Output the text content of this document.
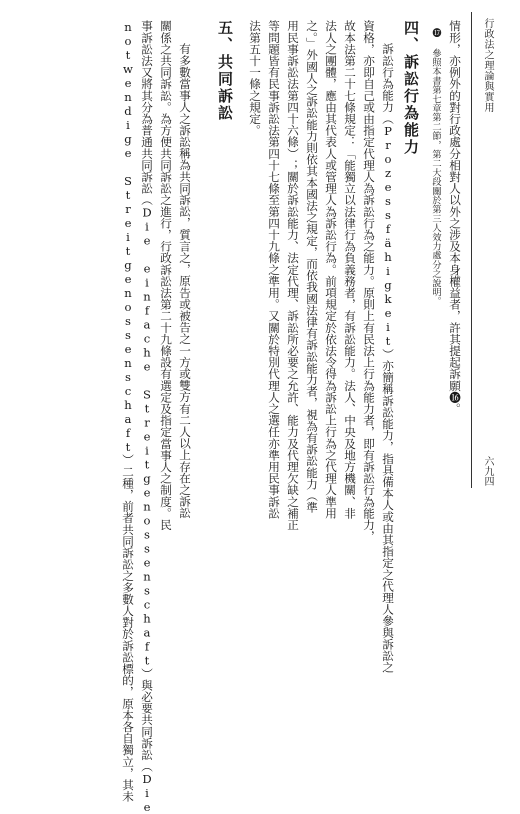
行政法之理論與實用
六九四
情形，亦例外的對行政處分相對人以外之涉及本身權益者，許其提起訴願⓰。
⓱ 參照本書第七章第二節，第二大段關於第三人效力處分之說明。
四、訴訟行為能力
訴訟行為能力（Prozessfähigkeit）亦簡稱訴訟能力，指具備本人或由其指定之代理人參與訴訟之
資格，亦即自己或由指定代理人為訴訟行為之能力。原則上有民法上行為能力者，即有訴訟行為能力，
故本法第二十七條規定：「能獨立以法律行為負義務者，有訴訟能力。法人、中央及地方機關、非
法人之團體，應由其代表人或管理人為訴訟行為。前項規定於依法令得為訴訟上行為之代理人準用
之。」外國人之訴訟能力則依其本國法之規定，而依我國法律有訴訟能力者，視為有訴訟能力（準
用民事訴訟法第四十六條）；關於訴訟能力、法定代理、訴訟所必要之允許、能力及代理欠缺之補正
等問題皆有民事訴訟法第四十七條至第四十九條之準用。又關於特別代理人之選任亦準用民事訴訟
法第五十一條之規定。
五、共同訴訟
有多數當事人之訴訟稱為共同訴訟，質言之，原告或被告之一方或雙方有二人以上存在之訴訟
關係之共同訴訟。為方便共同訴訟之進行，行政訴訟法第二十九條設有選定及指定當事人之制度。民
事訴訟法又將其分為普通共同訴訟（Die einfache Streitgenossenschaft）與必要共同訴訟（Die
notwendige Streitgenossenschaft）二種，前者共同訴訟之多數人對於訴訟標的，原本各自獨立，其未
